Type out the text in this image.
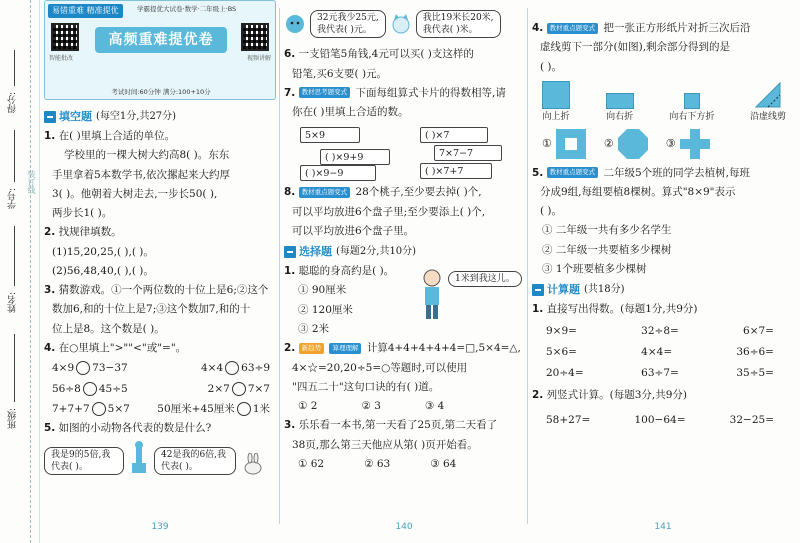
得分:
学号:
姓名:
班级:
装订线
易错重难 精准提优	学霸提优大试卷·数学·二年级上·BS
智能批改	视频讲解
高频重难提优卷
考试时间:60分钟 满分:100+10分
填空题 (每空1分,共27分)
1. 在( )里填上合适的单位。
学校里的一棵大树大约高8( )。东东
手里拿着5本数学书,依次摞起来大约厚
3( )。他朝着大树走去,一步长50( ),
两步长1( )。
2. 找规律填数。
(1)15,20,25,( ),( )。
(2)56,48,40,( ),( )。
3. 猜数游戏。①一个两位数的十位上是6;②这个
数加6,和的十位上是7;③这个数加7,和的十
位上是8。这个数是( )。
4. 在○里填上">""<"或"="。
4×9 73−37	4×4 63÷9
56÷8 45÷5	2×7 7×7
7+7+7 5×7	50厘米+45厘米 1米
5. 如图的小动物各代表的数是什么?
我是9的5倍,我代表( )。
42是我的6倍,我代表( )。
139
32元我少25元,
我代表( )元。
我比19米长20米,
我代表( )米。
6. 一支铅笔5角钱,4元可以买( )支这样的
铅笔,买6支要( )元。
7. 教材思考题变式 下面每组算式卡片的得数相等,请
你在( )里填上合适的数。
5×9
( )×9+9
( )×7
7×7−7
( )×9−9	( )×7+7
8. 教材重点题变式 28个桃子,至少要去掉( )个,
可以平均放进6个盘子里;至少要添上( )个,
可以平均放进6个盘子里。
选择题 (每题2分,共10分)
1. 聪聪的身高约是( )。
① 90厘米
② 120厘米
③ 2米
1米到我这儿。
2. 新趋势 算理理解 计算4+4+4+4+4=□,5×4=△,
4×☆=20,20÷5=○等题时,可以使用
"四五二十"这句口诀的有( )道。
① 2	② 3	③ 4
3. 乐乐看一本书,第一天看了25页,第二天看了
38页,那么第三天他应从第( )页开始看。
① 62	② 63	③ 64
140
4. 教材重点题变式 把一张正方形纸片对折三次后沿
虚线剪下一部分(如图),剩余部分得到的是
( )。
向上折	向右折	向右下方折	沿虚线剪
①	②	③
5. 教材重点题变式 二年级5个班的同学去植树,每班
分成9组,每组要植8棵树。算式"8×9"表示
( )。
① 二年级一共有多少名学生
② 二年级一共要植多少棵树
③ 1个班要植多少棵树
计算题 (共18分)
1. 直接写出得数。(每题1分,共9分)
9×9=	32÷8=	6×7=
5×6=	4×4=	36÷6=
20÷4=	63÷7=	35÷5=
2. 列竖式计算。(每题3分,共9分)
58+27=	100−64=	32−25=
141
